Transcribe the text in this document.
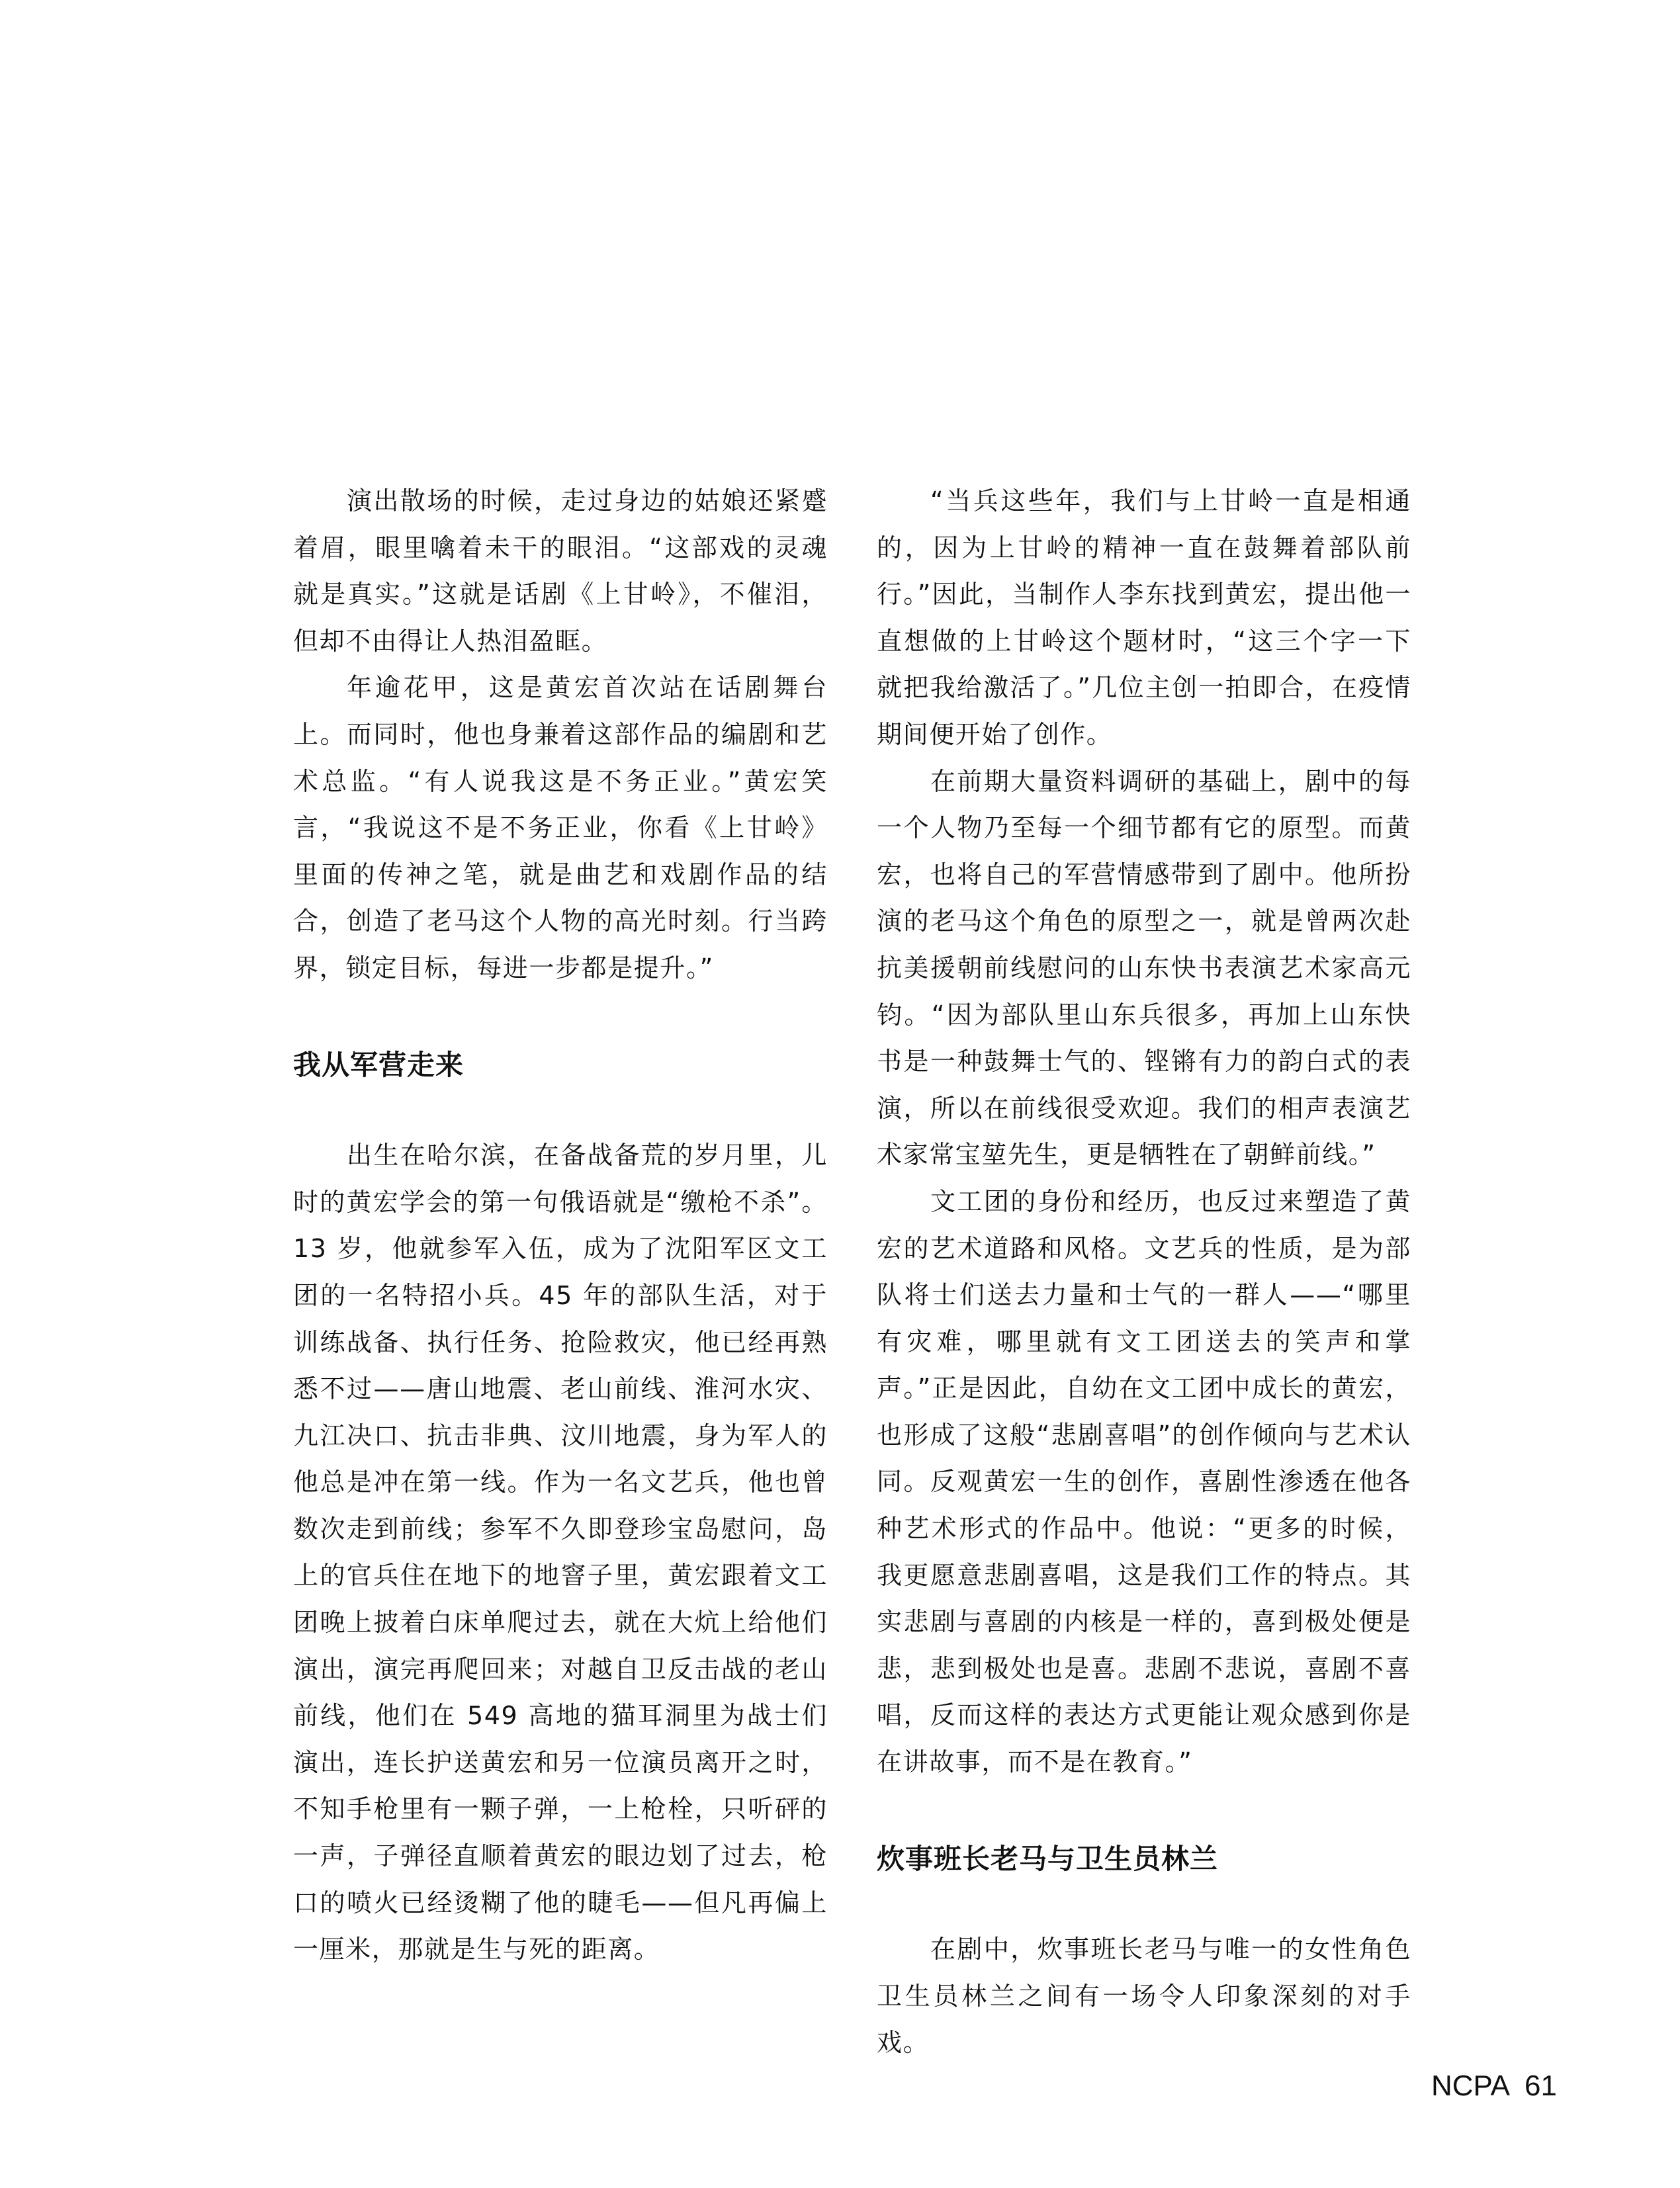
演出散场的时候，走过身边的姑娘还紧蹙着眉，眼里噙着未干的眼泪。“这部戏的灵魂就是真实。”这就是话剧《上甘岭》，不催泪，但却不由得让人热泪盈眶。

年逾花甲，这是黄宏首次站在话剧舞台上。而同时，他也身兼着这部作品的编剧和艺术总监。“有人说我这是不务正业。”黄宏笑言，“我说这不是不务正业，你看《上甘岭》里面的传神之笔，就是曲艺和戏剧作品的结合，创造了老马这个人物的高光时刻。行当跨界，锁定目标，每进一步都是提升。”

我从军营走来

出生在哈尔滨，在备战备荒的岁月里，儿时的黄宏学会的第一句俄语就是“缴枪不杀”。13 岁，他就参军入伍，成为了沈阳军区文工团的一名特招小兵。45 年的部队生活，对于训练战备、执行任务、抢险救灾，他已经再熟悉不过——唐山地震、老山前线、淮河水灾、九江决口、抗击非典、汶川地震，身为军人的他总是冲在第一线。作为一名文艺兵，他也曾数次走到前线；参军不久即登珍宝岛慰问，岛上的官兵住在地下的地窨子里，黄宏跟着文工团晚上披着白床单爬过去，就在大炕上给他们演出，演完再爬回来；对越自卫反击战的老山前线，他们在 549 高地的猫耳洞里为战士们演出，连长护送黄宏和另一位演员离开之时，不知手枪里有一颗子弹，一上枪栓，只听砰的一声，子弹径直顺着黄宏的眼边划了过去，枪口的喷火已经烫糊了他的睫毛——但凡再偏上一厘米，那就是生与死的距离。

“当兵这些年，我们与上甘岭一直是相通的，因为上甘岭的精神一直在鼓舞着部队前行。”因此，当制作人李东找到黄宏，提出他一直想做的上甘岭这个题材时，“这三个字一下就把我给激活了。”几位主创一拍即合，在疫情期间便开始了创作。

在前期大量资料调研的基础上，剧中的每一个人物乃至每一个细节都有它的原型。而黄宏，也将自己的军营情感带到了剧中。他所扮演的老马这个角色的原型之一，就是曾两次赴抗美援朝前线慰问的山东快书表演艺术家高元钧。“因为部队里山东兵很多，再加上山东快书是一种鼓舞士气的、铿锵有力的韵白式的表演，所以在前线很受欢迎。我们的相声表演艺术家常宝堃先生，更是牺牲在了朝鲜前线。”

文工团的身份和经历，也反过来塑造了黄宏的艺术道路和风格。文艺兵的性质，是为部队将士们送去力量和士气的一群人——“哪里有灾难，哪里就有文工团送去的笑声和掌声。”正是因此，自幼在文工团中成长的黄宏，也形成了这般“悲剧喜唱”的创作倾向与艺术认同。反观黄宏一生的创作，喜剧性渗透在他各种艺术形式的作品中。他说：“更多的时候，我更愿意悲剧喜唱，这是我们工作的特点。其实悲剧与喜剧的内核是一样的，喜到极处便是悲，悲到极处也是喜。悲剧不悲说，喜剧不喜唱，反而这样的表达方式更能让观众感到你是在讲故事，而不是在教育。”

炊事班长老马与卫生员林兰

在剧中，炊事班长老马与唯一的女性角色卫生员林兰之间有一场令人印象深刻的对手戏。

NCPA 61
